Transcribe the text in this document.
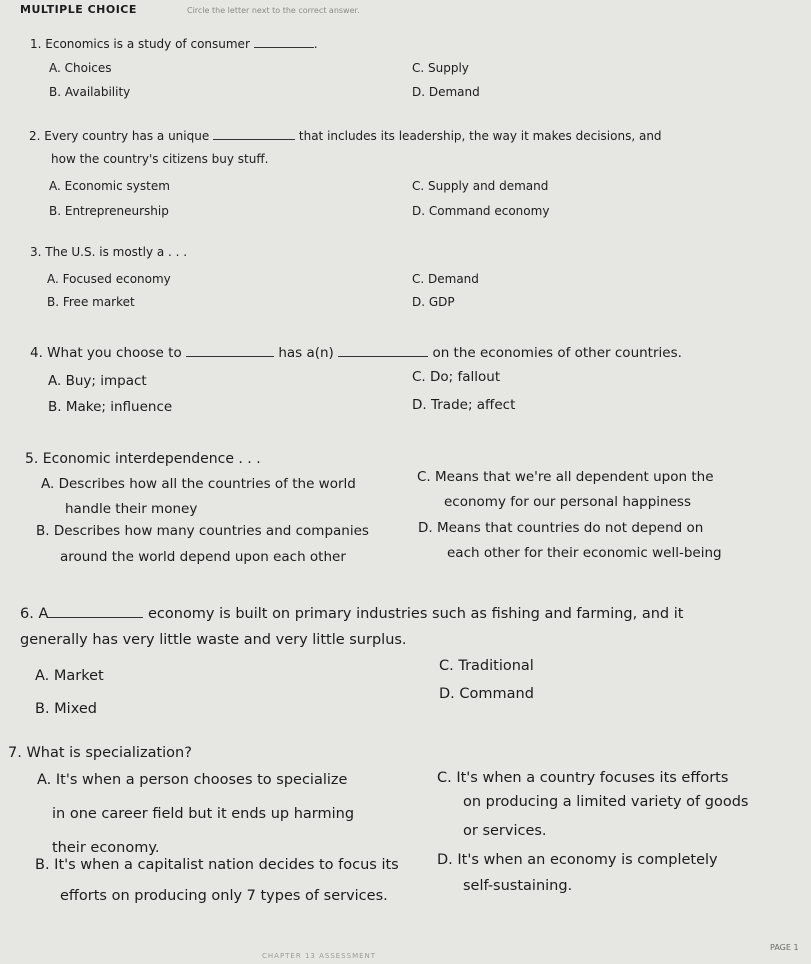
MULTIPLE CHOICE	Circle the letter next to the correct answer.
1. Economics is a study of consumer	.
A. Choices
B. Availability
C. Supply
D. Demand
2. Every country has a unique	that includes its leadership, the way it makes decisions, and
how the country's citizens buy stuff.
A. Economic system
B. Entrepreneurship
C. Supply and demand
D. Command economy
3. The U.S. is mostly a . . .
A. Focused economy
B. Free market
C. Demand
D. GDP
4. What you choose to	has a(n)	on the economies of other countries.
A. Buy; impact
B. Make; influence
C. Do; fallout
D. Trade; affect
5. Economic interdependence . . .
A. Describes how all the countries of the world
handle their money
B. Describes how many countries and companies
around the world depend upon each other
C. Means that we're all dependent upon the
economy for our personal happiness
D. Means that countries do not depend on
each other for their economic well-being
6. A	economy is built on primary industries such as fishing and farming, and it
generally has very little waste and very little surplus.
A. Market
B. Mixed
C. Traditional
D. Command
7. What is specialization?
A. It's when a person chooses to specialize
in one career field but it ends up harming
their economy.
B. It's when a capitalist nation decides to focus its
efforts on producing only 7 types of services.
C. It's when a country focuses its efforts
on producing a limited variety of goods
or services.
D. It's when an economy is completely
self-sustaining.
CHAPTER 13 ASSESSMENT
PAGE 1
